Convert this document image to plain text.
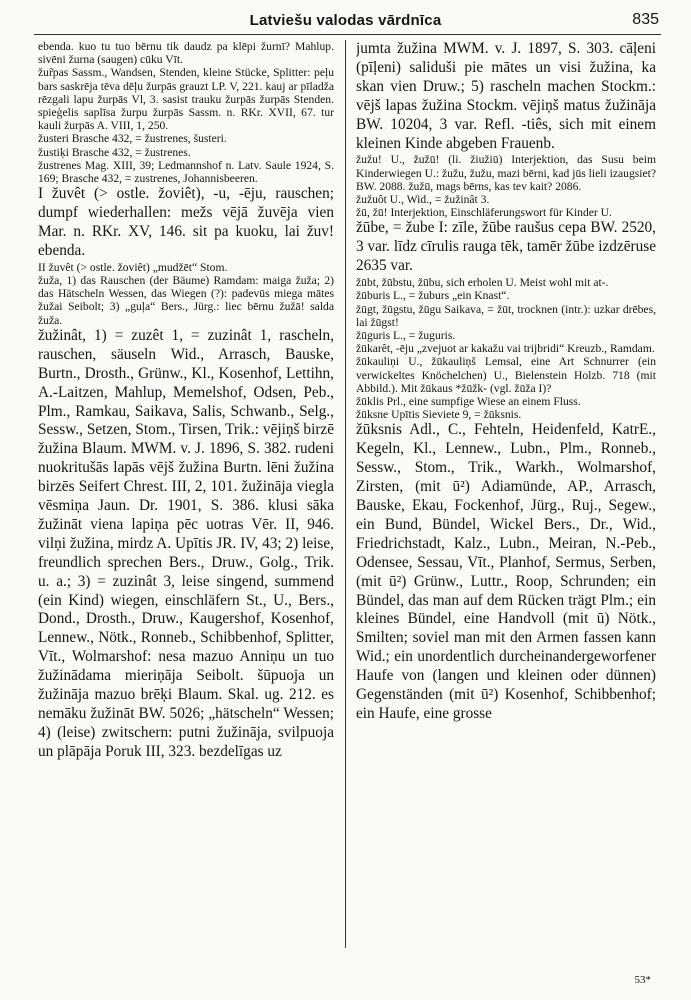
Latviešu valodas vārdnīca	835

ebenda. kuo tu tuo bērnu tik daudz pa klēpi žurnī? Mahlup. sivēni žurna (saugen) cūku Vīt.

žur̃pas Sassm., Wandsen, Stenden, kleine Stücke, Splitter: peļu bars saskrēja tēva dēļu žurpās grauzt LP. V, 221. kauj ar pīladža rēzgali lapu žurpās Vl, 3. sasist trauku žurpās žurpās Stenden. spieģelis saplīsa žurpu žurpās Sassm. n. RKr. XVII, 67. tur kauli žurpās A. VIII, 1, 250.

žusteri Brasche 432, = žustrenes, šusteri.

žustiķi Brasche 432, = žustrenes.

žustrenes Mag. XIII, 39; Ledmannshof n. Latv. Saule 1924, S. 169; Brasche 432, = zustrenes, Johannisbeeren.

I žuvêt (> ostle. žoviêt), -u, -ēju, rauschen; dumpf wiederhallen: mežs vējā žuvēja vien Mar. n. RKr. XV, 146. sit pa kuoku, lai žuv! ebenda.

II žuvêt (> ostle. žoviêt) „mudžēt“ Stom.

žuža, 1) das Rauschen (der Bäume) Ramdam: maiga žuža; 2) das Hätscheln Wessen, das Wiegen (?): padevūs miega mātes žužai Seibolt; 3) „guļa“ Bers., Jürg.: liec bērnu žužā! salda žuža.

žužinât, 1) = zuzêt 1, = zuzinât 1, rascheln, rauschen, säuseln Wid., Arrasch, Bauske, Burtn., Drosth., Grünw., Kl., Kosenhof, Lettihn, A.-Laitzen, Mahlup, Memelshof, Odsen, Peb., Plm., Ramkau, Saikava, Salis, Schwanb., Selg., Sessw., Setzen, Stom., Tirsen, Trik.: vējiņš birzē žužina Blaum. MWM. v. J. 1896, S. 382. rudeni nuokritušās lapās vējš žužina Burtn. lēni žužina birzēs Seifert Chrest. III, 2, 101. žužināja viegla vēsmiņa Jaun. Dr. 1901, S. 386. klusi sāka žužināt viena lapiņa pēc uotras Vēr. II, 946. vilņi žužina, mirdz A. Upītis JR. IV, 43; 2) leise, freundlich sprechen Bers., Druw., Golg., Trik. u. a.; 3) = zuzinât 3, leise singend, summend (ein Kind) wiegen, einschläfern St., U., Bers., Dond., Drosth., Druw., Kaugershof, Kosenhof, Lennew., Nötk., Ronneb., Schibbenhof, Splitter, Vīt., Wolmarshof: nesa mazuo Anniņu un tuo žužinādama mieriņāja Seibolt. šūpuoja un žužināja mazuo brēķi Blaum. Skal. ug. 212. es nemāku žužināt BW. 5026; „hätscheln“ Wessen; 4) (leise) zwitschern: putni žužināja, svilpuoja un plāpāja Poruk III, 323. bezdelīgas uz

jumta žužina MWM. v. J. 1897, S. 303. cāļeni (pīļeni) saliduši pie mātes un visi žužina, ka skan vien Druw.; 5) rascheln machen Stockm.: vējš lapas žužina Stockm. vējiņš matus žužināja BW. 10204, 3 var. Refl. -tiês, sich mit einem kleinen Kinde abgeben Frauenb.

žužu! U., žužū! (li. žiužiū) Interjektion, das Susu beim Kinderwiegen U.: žužu, žužu, mazi bērni, kad jūs lieli izaugsiet? BW. 2088. žužū, mags bērns, kas tev kait? 2086.

žužuôt U., Wid., = žužinât 3.

žū, žū! Interjektion, Einschläferungswort für Kinder U.

žūbe, = žube I: zīle, žūbe raušus cepa BW. 2520, 3 var. līdz cīrulis rauga tēk, tamēr žūbe izdzēruse 2635 var.

žūbt, žūbstu, žūbu, sich erholen U. Meist wohl mit at-.

žūburis L., = žuburs „ein Knast“.

žūgt, žūgstu, žūgu Saikava, = žūt, trocknen (intr.): uzkar drēbes, lai žūgst!

žūguris L., = žuguris.

žūkarêt, -ēju „zvejuot ar kakažu vai trijbridi“ Kreuzb., Ramdam.

žūkauliņi U., žūkauliņš Lemsal, eine Art Schnurrer (ein verwickeltes Knöchelchen) U., Bielenstein Holzb. 718 (mit Abbild.). Mit žūkaus *žūžk- (vgl. žūža I)?

žūklis Prl., eine sumpfige Wiese an einem Fluss.

žūksne Upītis Sieviete 9, = žūksnis.

žūksnis Adl., C., Fehteln, Heidenfeld, KatrE., Kegeln, Kl., Lennew., Lubn., Plm., Ronneb., Sessw., Stom., Trik., Warkh., Wolmarshof, Zirsten, (mit ū²) Adiamünde, AP., Arrasch, Bauske, Ekau, Fockenhof, Jürg., Ruj., Segew., ein Bund, Bündel, Wickel Bers., Dr., Wid., Friedrichstadt, Kalz., Lubn., Meiran, N.-Peb., Odensee, Sessau, Vīt., Planhof, Sermus, Serben, (mit ū²) Grünw., Luttr., Roop, Schrunden; ein Bündel, das man auf dem Rücken trägt Plm.; ein kleines Bündel, eine Handvoll (mit ū) Nötk., Smilten; soviel man mit den Armen fassen kann Wid.; ein unordentlich durcheinandergeworfener Haufe von (langen und kleinen oder dünnen) Gegenständen (mit ū²) Kosenhof, Schibbenhof; ein Haufe, eine grosse

53*
